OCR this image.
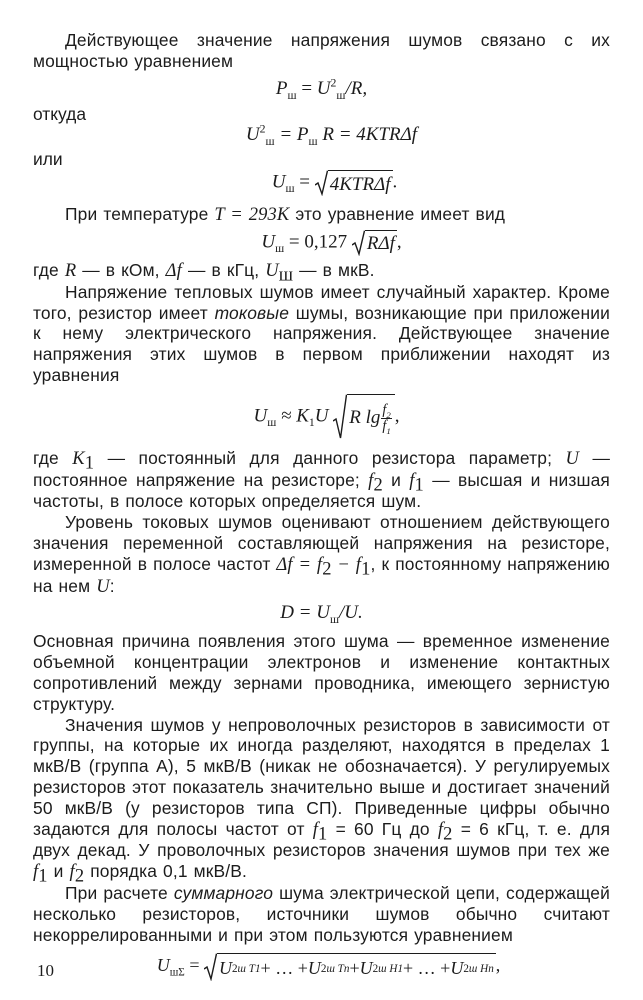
Действующее значение напряжения шумов связано с их мощностью уравнением

$P_ш = U^2_ш/R$,

откуда

$U^2_ш = P_ш$ R = 4KTRΔf

или

$U_ш = 4KTR\Delta f$ .

При температуре T = 293K это уравнение имеет вид

$U_ш = 0,127$ RΔf ,

где R — в кОм, Δf — в кГц, $U_ш$ — в мкВ.

Напряжение тепловых шумов имеет случайный характер. Кроме того, резистор имеет токовые шумы, возникающие при приложении к нему электрического напряжения. Действующее значение напряжения этих шумов в первом приближении находят из уравнения

$U_ш \approx K_1U$ R $\lg \frac{f_2}{f_1}$ ,

где $K_1$ — постоянный для данного резистора параметр; U — постоянное напряжение на резисторе; $f_2$ и $f_1$ — высшая и низшая частоты, в полосе которых определяется шум.

Уровень токовых шумов оценивают отношением действующего значения переменной составляющей напряжения на резисторе, измеренной в полосе частот $\Delta f = f_2 - f_1$, к постоянному напряжению на нем U:

$D = U_ш/U$.

Основная причина появления этого шума — временное изменение объемной концентрации электронов и изменение контактных сопротивлений между зернами проводника, имеющего зернистую структуру.

Значения шумов у непроволочных резисторов в зависимости от группы, на которые их иногда разделяют, находятся в пределах 1 мкВ/В (группа А), 5 мкВ/В (никак не обозначается). У регулируемых резисторов этот показатель значительно выше и достигает значений 50 мкВ/В (у резисторов типа СП). Приведенные цифры обычно задаются для полосы частот от $f_1 = 60$ Гц до $f_2 = 6$ кГц, т. е. для двух декад. У проволочных резисторов значения шумов при тех же $f_1$ и $f_2$ порядка 0,1 мкВ/В.

При расчете суммарного шума электрической цепи, содержащей несколько резисторов, источники шумов обычно считают некоррелированными и при этом пользуются уравнением

$U_{ш\Sigma} = U$ 2 ш T1 + … + U 2 ш Tn + U 2 ш H1 + … + U 2 ш Hn ,
10
